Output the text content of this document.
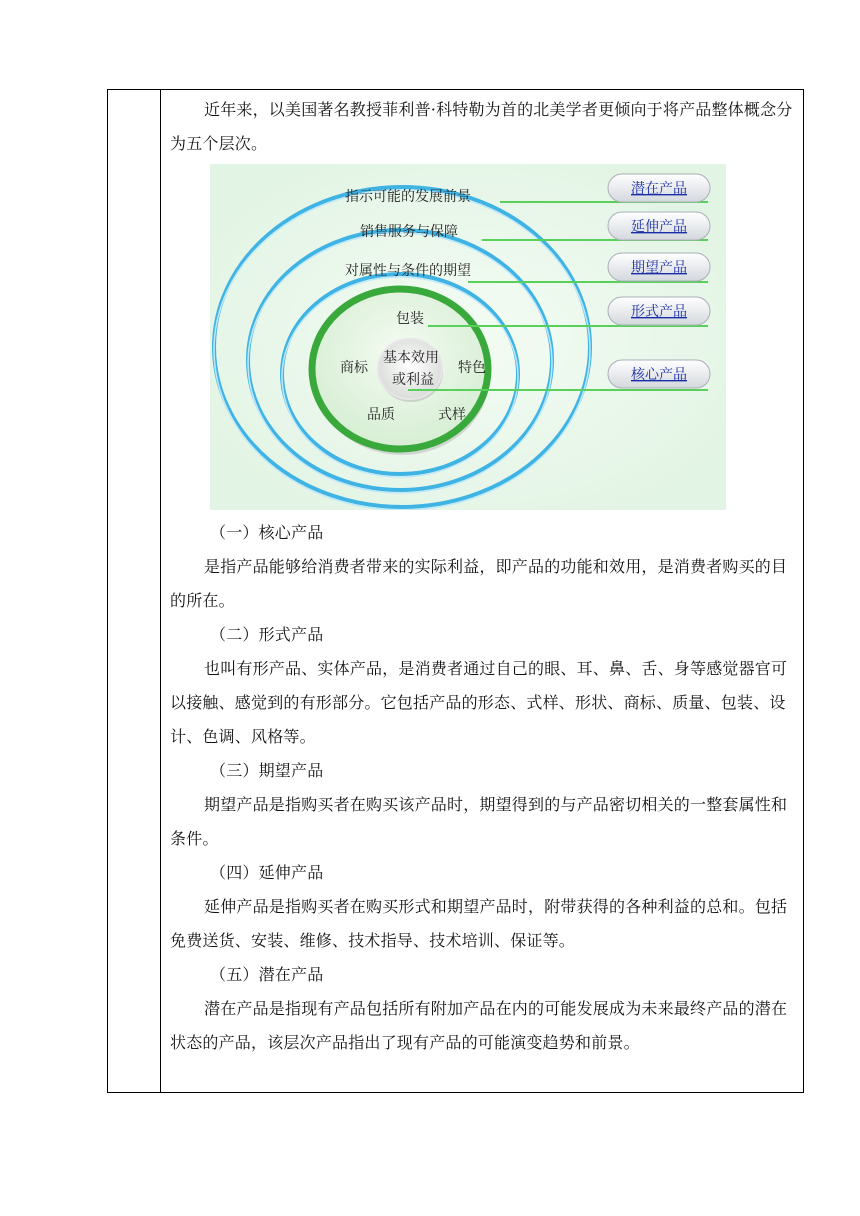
近年来，以美国著名教授菲利普·科特勒为首的北美学者更倾向于将产品整体概念分为五个层次。

指示可能的发展前景
销售服务与保障
对属性与条件的期望
包装
商标	特色
品质	式样
基本效用
或利益
潜在产品
延伸产品
期望产品
形式产品
核心产品

（一）核心产品

是指产品能够给消费者带来的实际利益，即产品的功能和效用，是消费者购买的目的所在。

（二）形式产品

也叫有形产品、实体产品，是消费者通过自己的眼、耳、鼻、舌、身等感觉器官可以接触、感觉到的有形部分。它包括产品的形态、式样、形状、商标、质量、包装、设计、色调、风格等。

（三）期望产品

期望产品是指购买者在购买该产品时，期望得到的与产品密切相关的一整套属性和条件。

（四）延伸产品

延伸产品是指购买者在购买形式和期望产品时，附带获得的各种利益的总和。包括免费送货、安装、维修、技术指导、技术培训、保证等。

（五）潜在产品

潜在产品是指现有产品包括所有附加产品在内的可能发展成为未来最终产品的潜在状态的产品，该层次产品指出了现有产品的可能演变趋势和前景。
